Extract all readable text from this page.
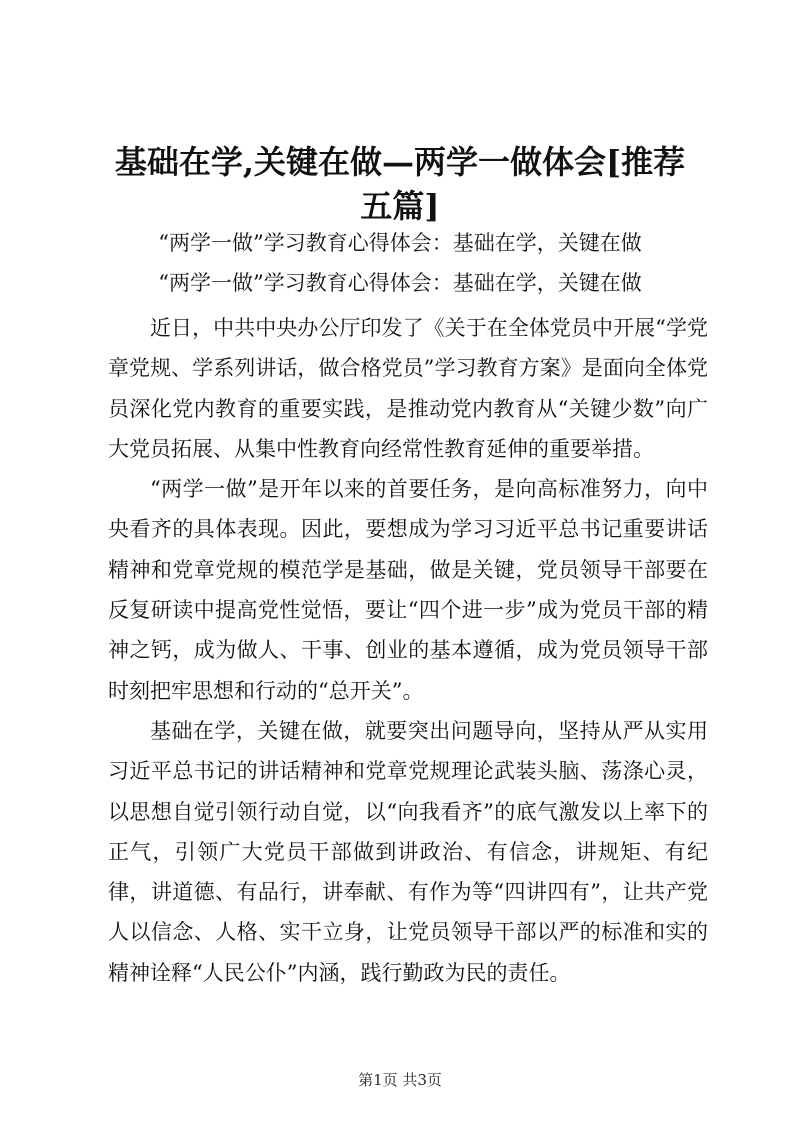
基础在学,关键在做—两学一做体会[推荐五篇]
“两学一做”学习教育心得体会：基础在学，关键在做
“两学一做”学习教育心得体会：基础在学，关键在做

近日，中共中央办公厅印发了《关于在全体党员中开展“学党章党规、学系列讲话，做合格党员”学习教育方案》是面向全体党员深化党内教育的重要实践，是推动党内教育从“关键少数”向广大党员拓展、从集中性教育向经常性教育延伸的重要举措。

“两学一做”是开年以来的首要任务，是向高标准努力，向中央看齐的具体表现。因此，要想成为学习习近平总书记重要讲话精神和党章党规的模范学是基础，做是关键，党员领导干部要在反复研读中提高党性觉悟，要让“四个进一步”成为党员干部的精神之钙，成为做人、干事、创业的基本遵循，成为党员领导干部时刻把牢思想和行动的“总开关”。

基础在学，关键在做，就要突出问题导向，坚持从严从实用习近平总书记的讲话精神和党章党规理论武装头脑、荡涤心灵，以思想自觉引领行动自觉，以“向我看齐”的底气激发以上率下的正气，引领广大党员干部做到讲政治、有信念，讲规矩、有纪律，讲道德、有品行，讲奉献、有作为等“四讲四有”，让共产党人以信念、人格、实干立身，让党员领导干部以严的标准和实的精神诠释“人民公仆”内涵，践行勤政为民的责任。

第1页 共3页
